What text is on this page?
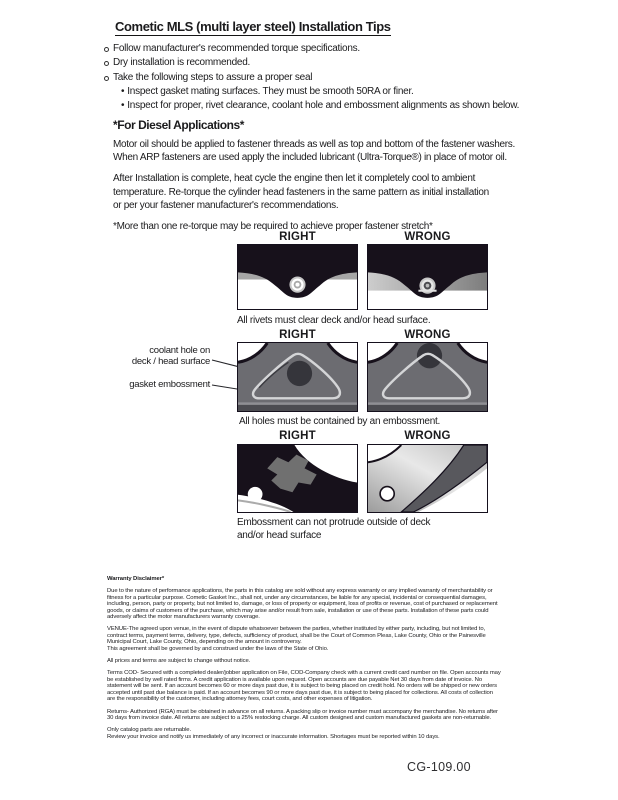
Cometic MLS (multi layer steel) Installation Tips
Follow manufacturer's recommended torque specifications.
Dry installation is recommended.
Take the following steps to assure a proper seal
•
Inspect gasket mating surfaces. They must be smooth 50RA or finer.
•
Inspect for proper, rivet clearance, coolant hole and embossment alignments as shown below.
*For Diesel Applications*

Motor oil should be applied to fastener threads as well as top and bottom of the fastener washers.
When ARP fasteners are used apply the included lubricant (Ultra-Torque®) in place of motor oil.

After Installation is complete, heat cycle the engine then let it completely cool to ambient
temperature. Re-torque the cylinder head fasteners in the same pattern as initial installation
or per your fastener manufacturer's recommendations.

*More than one re-torque may be required to achieve proper fastener stretch*

RIGHT	WRONG
All rivets must clear deck and/or head surface.
RIGHT	WRONG
coolant hole on
deck / head surface
gasket embossment
All holes must be contained by an embossment.
RIGHT	WRONG
Embossment can not protrude outside of deck
and/or head surface

Warranty Disclaimer*

Due to the nature of performance applications, the parts in this catalog are sold without any express warranty or any implied warranty of merchantability or
fitness for a particular purpose. Cometic Gasket Inc., shall not, under any circumstances, be liable for any special, incidental or consequential damages,
including, person, party or property, but not limited to, damage, or loss of property or equipment, loss of profits or revenue, cost of purchased or replacement
goods, or claims of customers of the purchase, which may arise and/or result from sale, installation or use of these parts. Installation of these parts could
adversely affect the motor manufacturers warranty coverage.

VENUE-The agreed upon venue, in the event of dispute whatsoever between the parties, whether instituted by either party, including, but not limited to,
contract terms, payment terms, delivery, type, defects, sufficiency of product, shall be the Court of Common Pleas, Lake County, Ohio or the Painesville
Municipal Court, Lake County, Ohio, depending on the amount in controversy.
This agreement shall be governed by and construed under the laws of the State of Ohio.

All prices and terms are subject to change without notice.

Terms COD- Secured with a completed dealer/jobber application on File, COD-Company check with a current credit card number on file. Open accounts may
be established by well rated firms. A credit application is available upon request. Open accounts are due payable Net 30 days from date of invoice. No
statement will be sent. If an account becomes 60 or more days past due, it is subject to being placed on credit hold. No orders will be shipped or new orders
accepted until past due balance is paid. If an account becomes 90 or more days past due, it is subject to being placed for collections. All costs of collection
are the responsibility of the customer, including attorney fees, court costs, and other expenses of litigation.

Returns- Authorized (RGA) must be obtained in advance on all returns. A packing slip or invoice number must accompany the merchandise. No returns after
30 days from invoice date. All returns are subject to a 25% restocking charge. All custom designed and custom manufactured gaskets are non-returnable.

Only catalog parts are returnable.
Review your invoice and notify us immediately of any incorrect or inaccurate information. Shortages must be reported within 10 days.

CG-109.00
